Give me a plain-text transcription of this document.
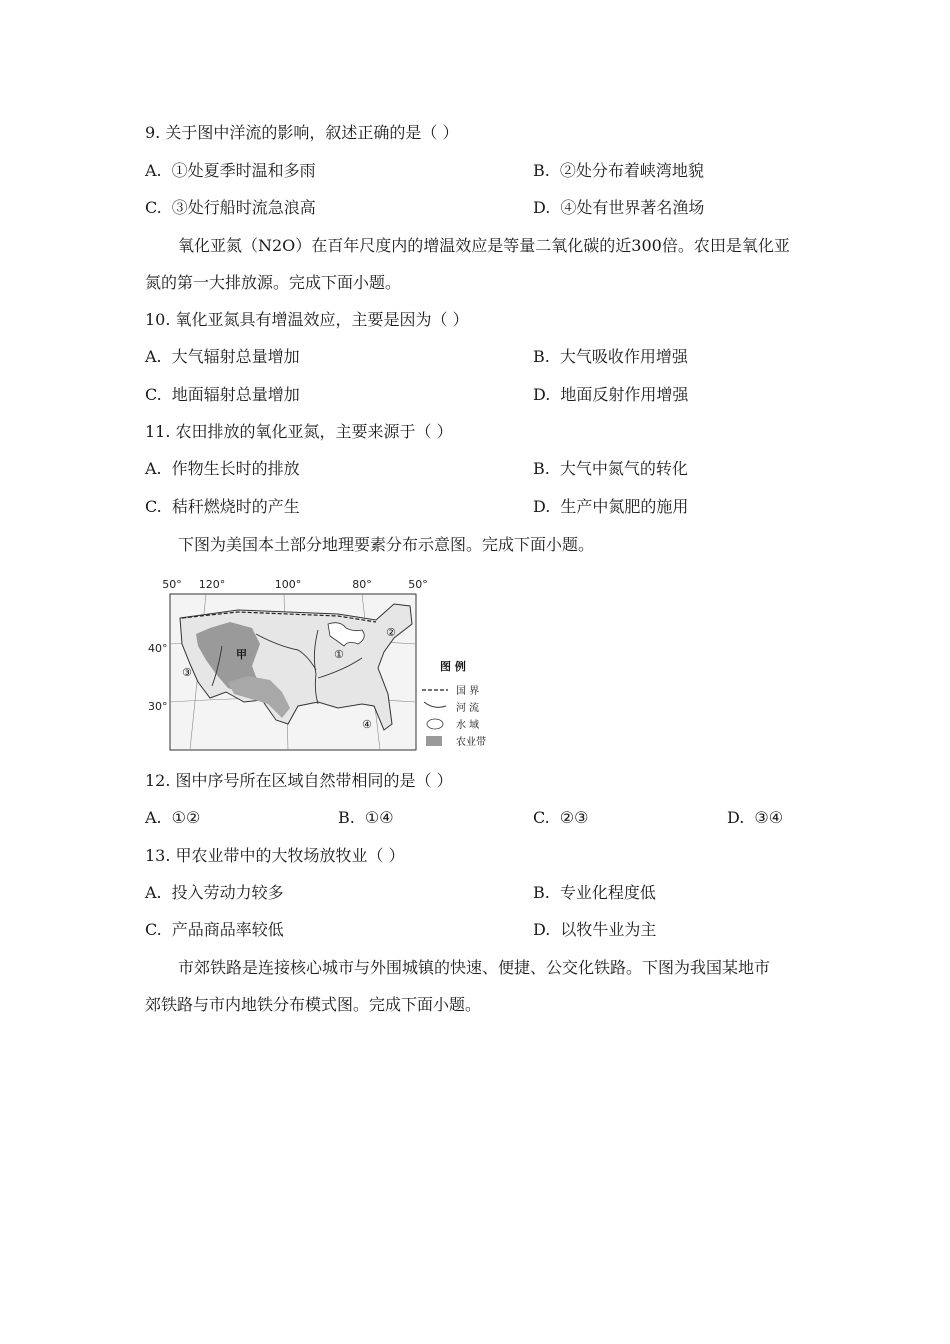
9. 关于图中洋流的影响，叙述正确的是（ ）
A. ①处夏季时温和多雨	B. ②处分布着峡湾地貌
C. ③处行船时流急浪高	D. ④处有世界著名渔场
氧化亚氮（N2O）在百年尺度内的增温效应是等量二氧化碳的近300倍。农田是氧化亚
氮的第一大排放源。完成下面小题。
10. 氧化亚氮具有增温效应，主要是因为（ ）
A. 大气辐射总量增加	B. 大气吸收作用增强
C. 地面辐射总量增加	D. 地面反射作用增强
11. 农田排放的氧化亚氮，主要来源于（ ）
A. 作物生长时的排放	B. 大气中氮气的转化
C. 秸秆燃烧时的产生	D. 生产中氮肥的施用
下图为美国本土部分地理要素分布示意图。完成下面小题。
50° 120°	100°	80°	50°
40°
30°
甲	①
②
③
④
图 例
国 界
河 流
水 域
农业带
12. 图中序号所在区域自然带相同的是（ ）
A. ①②	B. ①④	C. ②③	D. ③④
13. 甲农业带中的大牧场放牧业（ ）
A. 投入劳动力较多	B. 专业化程度低
C. 产品商品率较低	D. 以牧牛业为主
市郊铁路是连接核心城市与外围城镇的快速、便捷、公交化铁路。下图为我国某地市
郊铁路与市内地铁分布模式图。完成下面小题。
